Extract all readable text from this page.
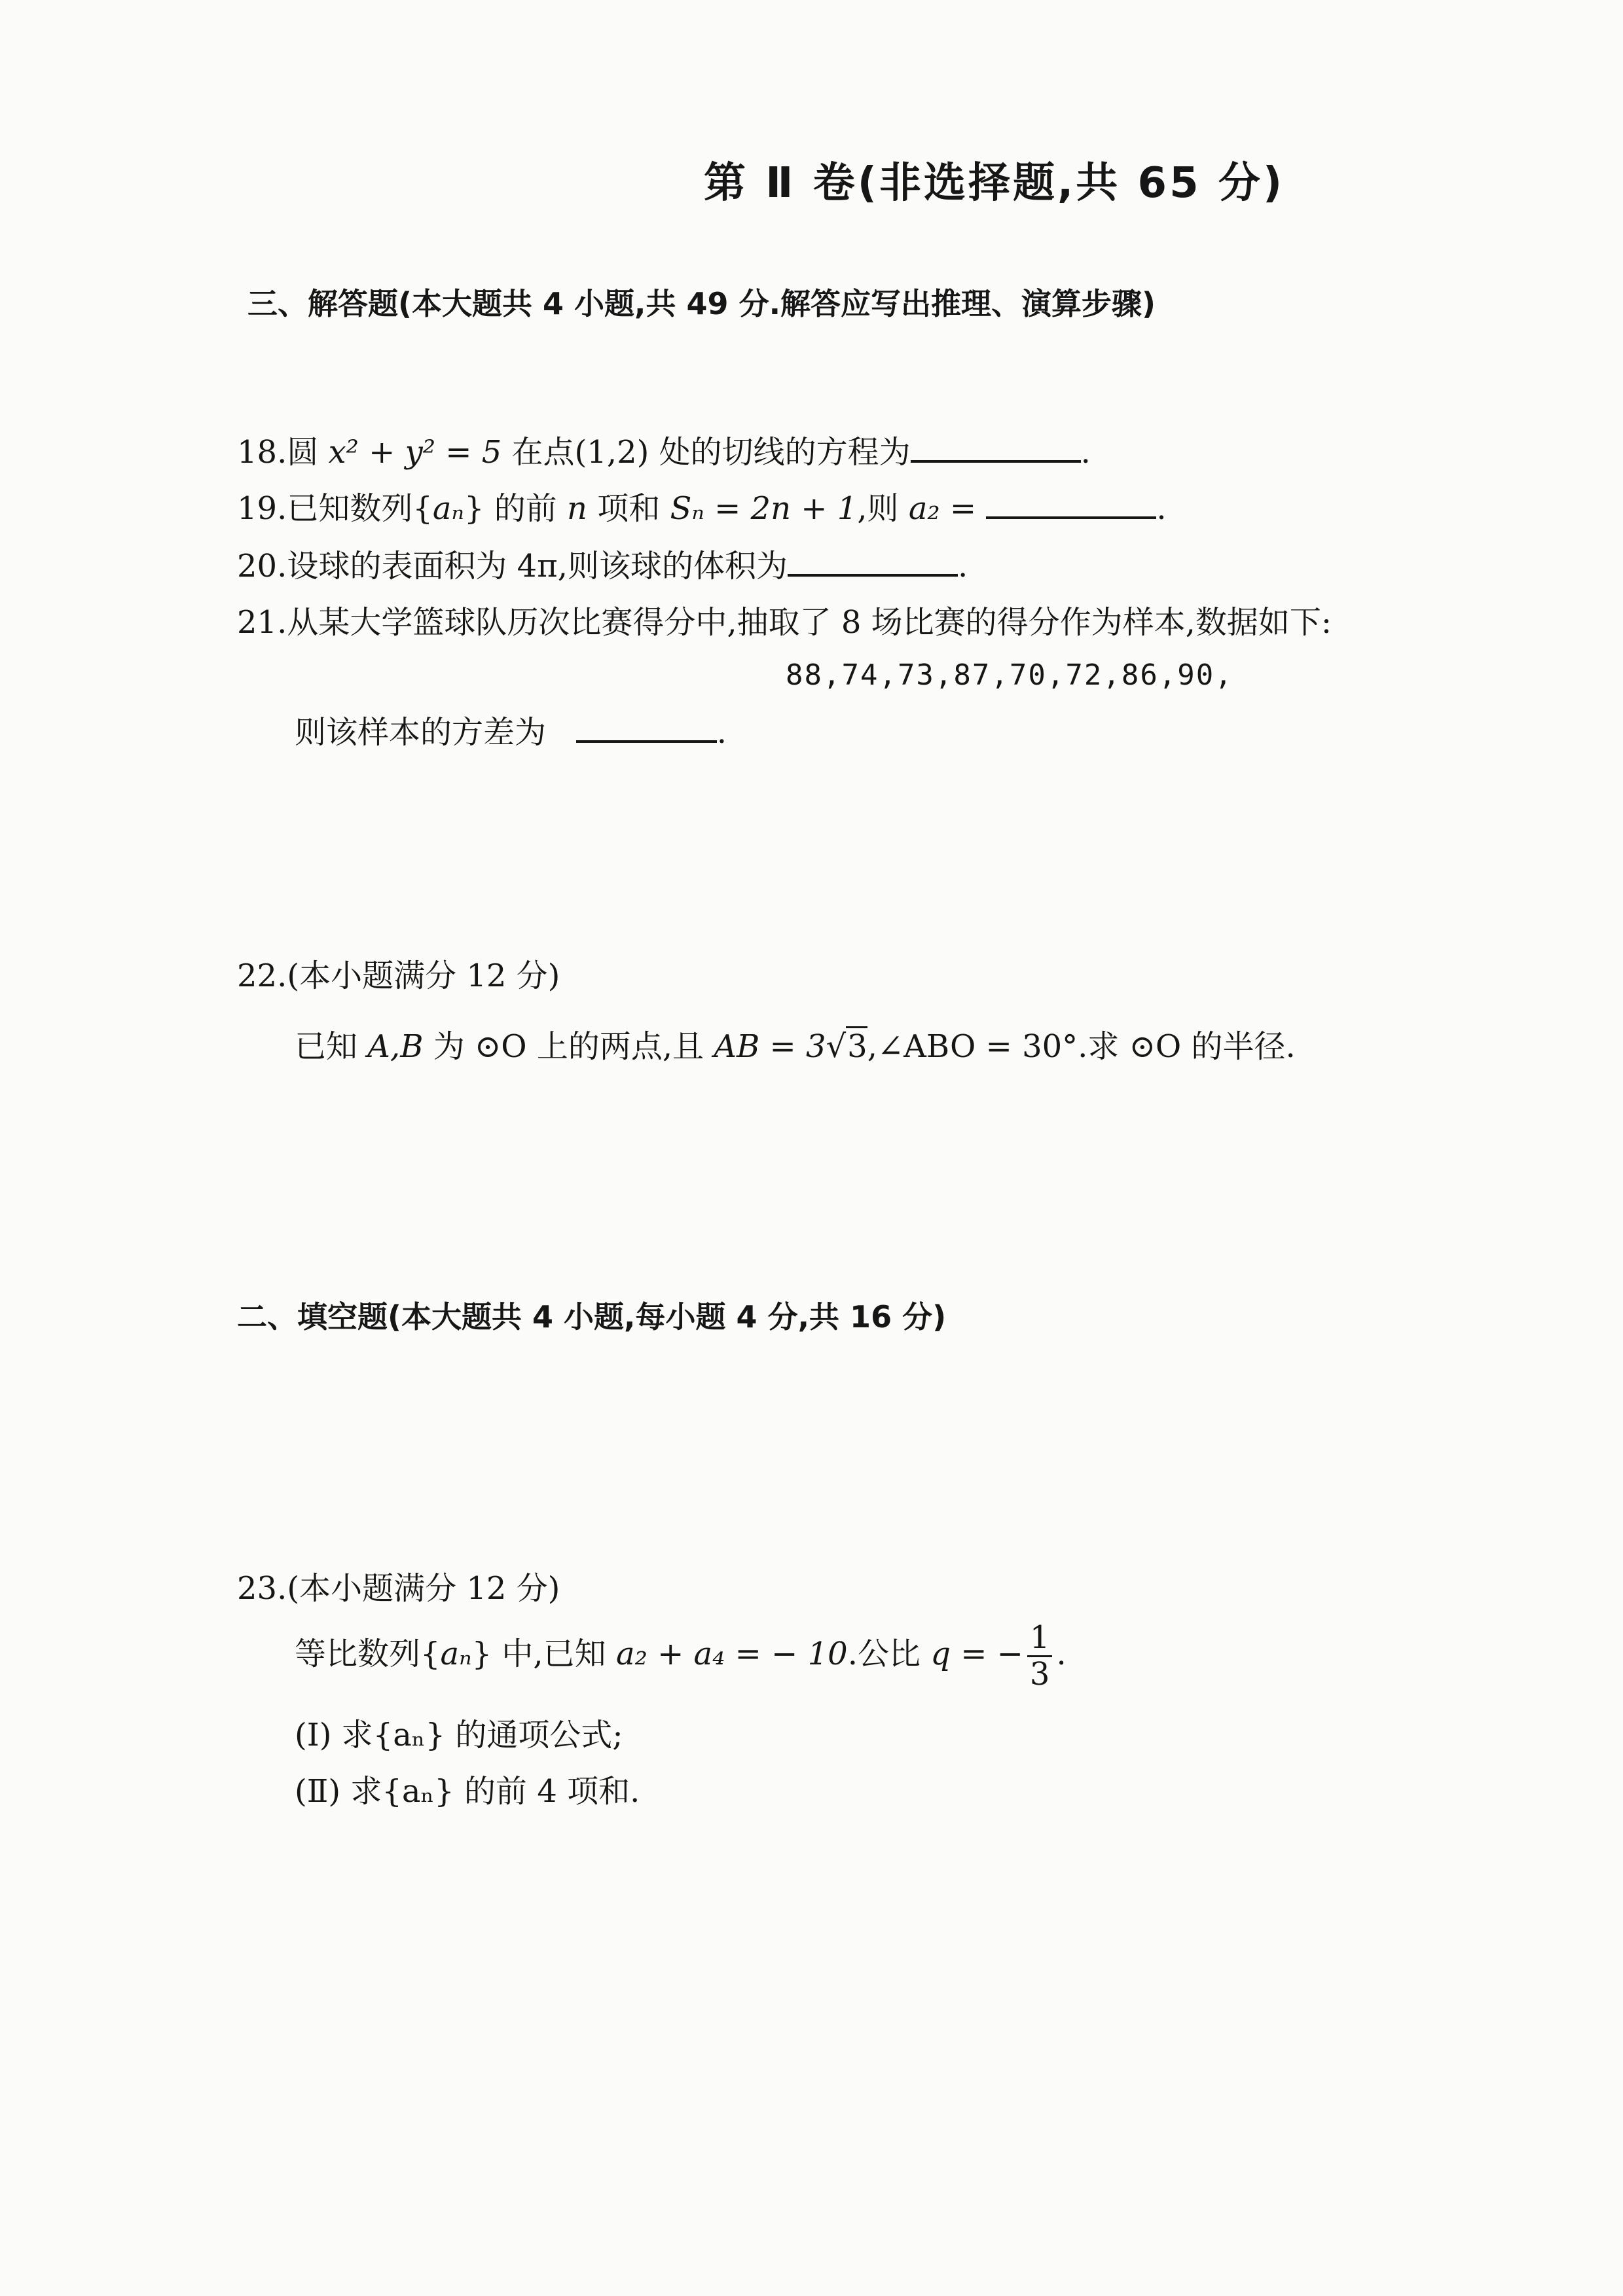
第 Ⅱ 卷(非选择题,共 65 分)
三、解答题(本大题共 4 小题,共 49 分.解答应写出推理、演算步骤)
18.圆 x² + y² = 5 在点(1,2) 处的切线的方程为	.
19.已知数列{aₙ} 的前 n 项和 Sₙ = 2n + 1,则 a₂ =	.
20.设球的表面积为 4π,则该球的体积为	.
21.从某大学篮球队历次比赛得分中,抽取了 8 场比赛的得分作为样本,数据如下:
88,74,73,87,70,72,86,90,
则该样本的方差为	.
22.(本小题满分 12 分)
已知 A,B 为 ⊙O 上的两点,且 AB = 3√3,∠ABO = 30°.求 ⊙O 的半径.
二、填空题(本大题共 4 小题,每小题 4 分,共 16 分)
23.(本小题满分 12 分)
等比数列{aₙ} 中,已知 a₂ + a₄ = − 10.公比 q = − $\frac{1}{3}$ .
(Ⅰ) 求{aₙ} 的通项公式;
(Ⅱ) 求{aₙ} 的前 4 项和.
